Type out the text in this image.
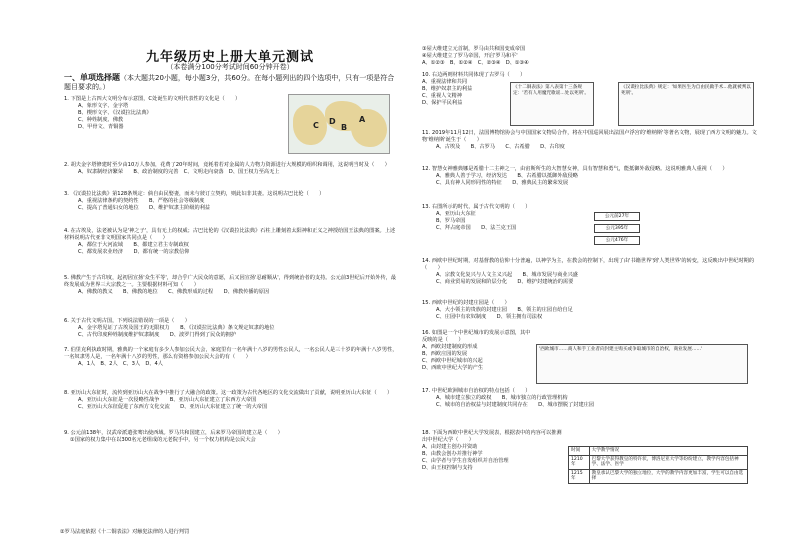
九年级历史上册大单元测试
（本卷满分100分考试时间60分钟开卷）
一、单项选择题（本大题共20小题，每小题3分，共60分。在每小题列出的四个选项中，只有一项是符合题目要求的。）
C D
B
A
1. 下图是上古四大文明分布示意图，C处诞生的文明代表性的文化是（　　）
A、象形文字、金字塔
B、楔形文字、《汉谟拉比法典》
C、种姓制度、佛教
D、甲骨文、青铜器
2. 胡夫金字塔修建时至少由10万人参加，花费了20年时间，竟耗着若对金属的人力物力资源进行大规模的组织和调用，这说明当时及（　　）
A、奴隶制经济繁荣　　B、政治制度的完善　C、文明走向衰落　D、国王权力至高无上
3. 《汉谟拉比法典》第128条规定：倘自由民娶妻，而未与彼订立契约，则此妇非其妻。这说明古巴比伦（　　）
A、重视法律条约的契约性　　B、严格的社会等级制度
C、提高了普通妇女的地位　　D、维护奴隶主阶级的利益
4. 在古埃及，法老被认为是'神之子'，具有无上的权威；古巴比伦的《汉谟拉比法典》石柱上雕刻着太阳神和正义之神授给国王法典的图案。上述材料说明古代亚非文明国家共同点是（　　）
A、都位于大河流域　　B、都建立君主专制政权
C、都发展农业经济　　D、都有统一的宗教信仰
5. 佛教产生于古印度，起初因宣扬'众生平等'，却合乎广大民众的意愿，后又因宣扬'忍耐顺从'，得到统治者的支持。公元前3世纪后开始外传，最终发展成为世界三大宗教之一。主要根据材料可知（　　）
A、佛教的教义　　B、佛教的地位　　C、佛教形成的过程　　D、佛教传播的原因
6. 关于古代文明古国，下列说法错误的一项是（　　）
A、金字塔见证了古埃及国王的无限权力　　B、《汉谟拉比法典》条文规定奴隶的地位
C、古代印度种姓制度维护奴隶制度　　D、波罗门得到了民众的拥护
7. 伯里克利执政时期，雅典的一个家庭有多少人参加公民大会，家庭里有一名年满十八岁的男性公民人，一名公民人是三十岁的年满十八岁男性，一名奴隶男人是，一名年满十八岁的男性，那么有资格参加公民大会的有（　　）
A、1人　B、2人　C、3人　D、4人
8. 亚历山大东征时，流传到亚历山大在战争中推行了大融合的政策。这一政策为古代各地区的文化交流做出了贡献，说明亚历山大东征（　　）
A、亚历山大东征是一次侵略性战争　　B、亚历山大东征建立了东西方大帝国
C、亚历山大东征促进了东西方文化交流　　D、亚历山大东征建立了统一的大帝国
9. 公元前138年，汉武帝派遣张骞出使西域。罗马共和国建立，后来罗马帝国的建立是（　　）
①国家的权力集中在以300名元老组成的元老院手中，另一个权力机构是公民大会
②罗马法庭依据《十二铜表法》对触犯法律的人进行判罚
③屋大维建立元首制，罗马由共和国变成帝国
④屋大维建立了罗马帝国，开启'罗马和平'
A、①②③　B、①②④　C、②③④　D、①③④
10. 右边两则材料共同体现了古罗马（　　）
A、重视法律和共同
B、维护奴隶主的利益
C、重视人文精神
D、保护平民利益
《十二铜表法》第八表第十三条规定：'若有人用魔咒歌谣…处以死刑'。
《汉谟拉比法典》规定：'如果医生为自由民做手术…他就被判以死刑'。
11. 2019年11月12日，法国博物馆协会与中国国家文物局合作，将在中国巡回展出法国卢浮宫的'维纳斯'等著名文物，展现了西方文明的魅力。文物'维纳斯'诞生于（　　）
A、古埃及　　B、古罗马　　C、古希腊　　D、古印度
12. 智慧女神雅典娜是希腊十二主神之一，由宙斯所生的大智慧女神，具有智慧和勇气，能抵御外敌侵略。这说明雅典人重视（　　）
A、雅典人善于学习，经济发达　　B、古希腊以抵御外敌侵略
C、具有神人同形同性的特征　　D、雅典民主的繁荣发展
13. 右图所示的时代，属于古代文明的（　　）
A、亚历山大东征
B、罗马帝国
C、拜占庭帝国　　D、法兰克王国
公元前27年
公元395年
公元476年
14. 西欧中世纪时期，对基督教的信仰十分普遍，以神学为主，在教会的控制下，出现了由'书籍世界'到'人类世界'的转变，这反映出中世纪时期的（　　）
A、宗教文化复兴与人文主义兴起　　B、城市发展与商业兴盛
C、商业贸易的发展和阶层分化　　D、维护封建统治的需要
15. 西欧中世纪的封建庄园是（　　）
A、大小领主的贵族的封建庄园　　B、领主的庄园自给自足
C、庄园中有农奴制度　　D、领主拥有司法权
16. 如图是一个中世纪城市的发展示意图，其中反映的是（　　）
A、西欧封建制度的形成
B、西欧庄园的发展
C、西欧中世纪城市的兴起
D、西欧中世纪大学的产生
'西欧城市……商人和手工业者向封建主购买或争取城市的自治权，商业发展……'
17. 中世纪欧洲城市自治权的特点包括（　　）
A、城市建立独立的政权　　B、城市独立的行政管理机构
C、城市的自治权益与封建制度共同存在　　D、城市摆脱了封建庄园
18. 下面为西欧中世纪大学发展表，根据表中的内容可以推测出中世纪大学（　　）
A、由封建主创办并资助
B、由教会创办并推行神学
C、由学者与学生自发组织并自治管理
D、由王权控制与支持
时间	大学教学情况
1210年	巴黎大学获得教皇的特许状，博洛尼亚大学等纷纷建立，教学内容包括神学、法学、医学
1215年	教皇承认巴黎大学的独立地位，大学的教学内容更加丰富，学生可以自由选择
